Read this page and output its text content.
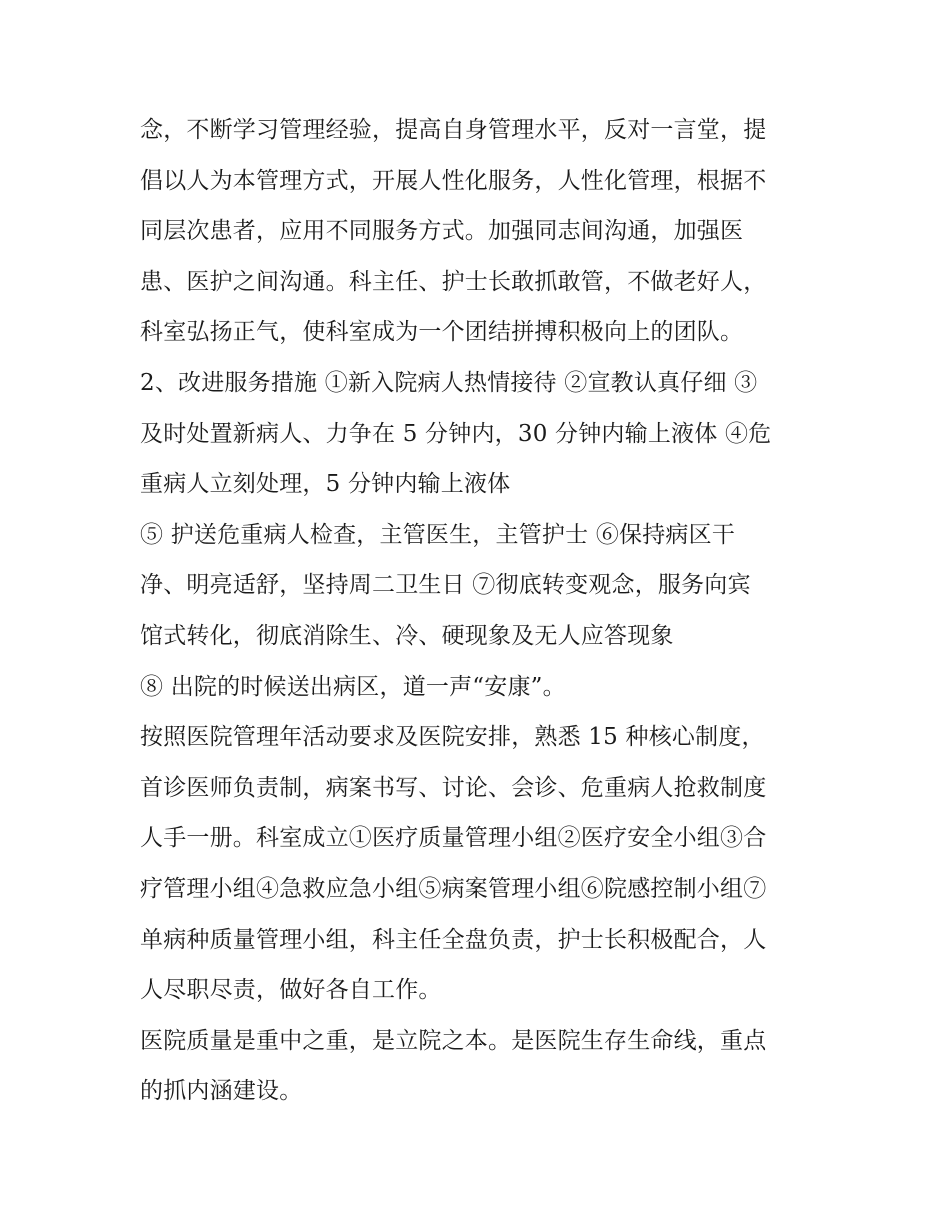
念，不断学习管理经验，提高自身管理水平，反对一言堂，提
倡以人为本管理方式，开展人性化服务，人性化管理，根据不
同层次患者，应用不同服务方式。加强同志间沟通，加强医
患、医护之间沟通。科主任、护士长敢抓敢管，不做老好人，
科室弘扬正气，使科室成为一个团结拼搏积极向上的团队。
2、改进服务措施 ①新入院病人热情接待 ②宣教认真仔细 ③
及时处置新病人、力争在 5 分钟内，30 分钟内输上液体 ④危
重病人立刻处理，5 分钟内输上液体
⑤ 护送危重病人检查，主管医生，主管护士 ⑥保持病区干
净、明亮适舒，坚持周二卫生日 ⑦彻底转变观念，服务向宾
馆式转化，彻底消除生、冷、硬现象及无人应答现象
⑧ 出院的时候送出病区，道一声“安康”。
按照医院管理年活动要求及医院安排，熟悉 15 种核心制度，
首诊医师负责制，病案书写、讨论、会诊、危重病人抢救制度
人手一册。科室成立①医疗质量管理小组②医疗安全小组③合
疗管理小组④急救应急小组⑤病案管理小组⑥院感控制小组⑦
单病种质量管理小组，科主任全盘负责，护士长积极配合，人
人尽职尽责，做好各自工作。
医院质量是重中之重，是立院之本。是医院生存生命线，重点
的抓内涵建设。
